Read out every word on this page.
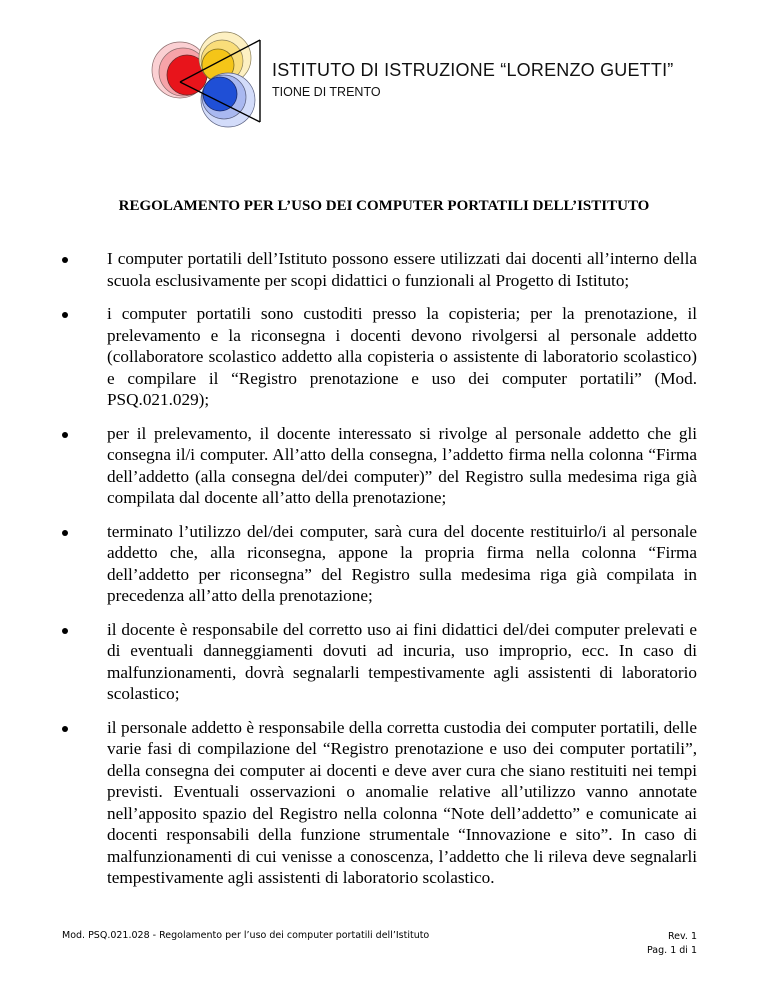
ISTITUTO DI ISTRUZIONE “LORENZO GUETTI”
TIONE DI TRENTO
REGOLAMENTO PER L’USO DEI COMPUTER PORTATILI DELL’ISTITUTO
I computer portatili dell’Istituto possono essere utilizzati dai docenti all’interno della scuola esclusivamente per scopi didattici o funzionali al Progetto di Istituto;
i computer portatili sono custoditi presso la copisteria; per la prenotazione, il prelevamento e la riconsegna i docenti devono rivolgersi al personale addetto (collaboratore scolastico addetto alla copisteria o assistente di laboratorio scolastico) e compilare il “Registro prenotazione e uso dei computer portatili” (Mod. PSQ.021.029);
per il prelevamento, il docente interessato si rivolge al personale addetto che gli consegna il/i computer. All’atto della consegna, l’addetto firma nella colonna “Firma dell’addetto (alla consegna del/dei computer)” del Registro sulla medesima riga già compilata dal docente all’atto della prenotazione;
terminato l’utilizzo del/dei computer, sarà cura del docente restituirlo/i al personale addetto che, alla riconsegna, appone la propria firma nella colonna “Firma dell’addetto per riconsegna” del Registro sulla medesima riga già compilata in precedenza all’atto della prenotazione;
il docente è responsabile del corretto uso ai fini didattici del/dei computer prelevati e di eventuali danneggiamenti dovuti ad incuria, uso improprio, ecc. In caso di malfunzionamenti, dovrà segnalarli tempestivamente agli assistenti di laboratorio scolastico;
il personale addetto è responsabile della corretta custodia dei computer portatili, delle varie fasi di compilazione del “Registro prenotazione e uso dei computer portatili”, della consegna dei computer ai docenti e deve aver cura che siano restituiti nei tempi previsti. Eventuali osservazioni o anomalie relative all’utilizzo vanno annotate nell’apposito spazio del Registro nella colonna “Note dell’addetto” e comunicate ai docenti responsabili della funzione strumentale “Innovazione e sito”. In caso di malfunzionamenti di cui venisse a conoscenza, l’addetto che li rileva deve segnalarli tempestivamente agli assistenti di laboratorio scolastico.
Mod. PSQ.021.028 - Regolamento per l’uso dei computer portatili dell’Istituto	Rev. 1
Pag. 1 di 1
